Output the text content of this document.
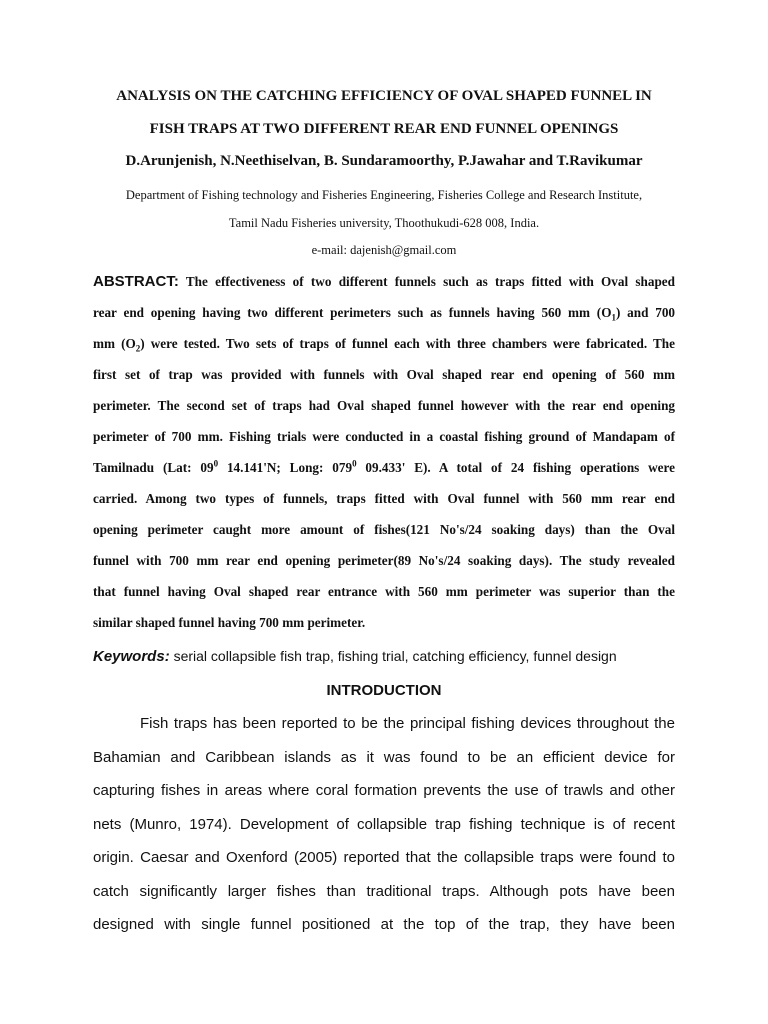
ANALYSIS ON THE CATCHING EFFICIENCY OF OVAL SHAPED FUNNEL IN
FISH TRAPS AT TWO DIFFERENT REAR END FUNNEL OPENINGS
D.Arunjenish, N.Neethiselvan, B. Sundaramoorthy, P.Jawahar and T.Ravikumar
Department of Fishing technology and Fisheries Engineering, Fisheries College and Research Institute,
Tamil Nadu Fisheries university, Thoothukudi-628 008, India.
e-mail: dajenish@gmail.com
ABSTRACT: The effectiveness of two different funnels such as traps fitted with Oval shaped
rear end opening having two different perimeters such as funnels having 560 mm $(O_1)$ and 700
mm $(O_2)$ were tested. Two sets of traps of funnel each with three chambers were fabricated. The
first set of trap was provided with funnels with Oval shaped rear end opening of 560 mm
perimeter. The second set of traps had Oval shaped funnel however with the rear end opening
perimeter of 700 mm. Fishing trials were conducted in a coastal fishing ground of Mandapam of
Tamilnadu (Lat: $09^0$ 14.141'N; Long: $079^0$ 09.433' E). A total of 24 fishing operations were
carried. Among two types of funnels, traps fitted with Oval funnel with 560 mm rear end
opening perimeter caught more amount of fishes(121 No's/24 soaking days) than the Oval
funnel with 700 mm rear end opening perimeter(89 No's/24 soaking days). The study revealed
that funnel having Oval shaped rear entrance with 560 mm perimeter was superior than the
similar shaped funnel having 700 mm perimeter.
Keywords: serial collapsible fish trap, fishing trial, catching efficiency, funnel design
INTRODUCTION
Fish traps has been reported to be the principal fishing devices throughout the
Bahamian and Caribbean islands as it was found to be an efficient device for
capturing fishes in areas where coral formation prevents the use of trawls and other
nets (Munro, 1974). Development of collapsible trap fishing technique is of recent
origin. Caesar and Oxenford (2005) reported that the collapsible traps were found to
catch significantly larger fishes than traditional traps. Although pots have been
designed with single funnel positioned at the top of the trap, they have been
